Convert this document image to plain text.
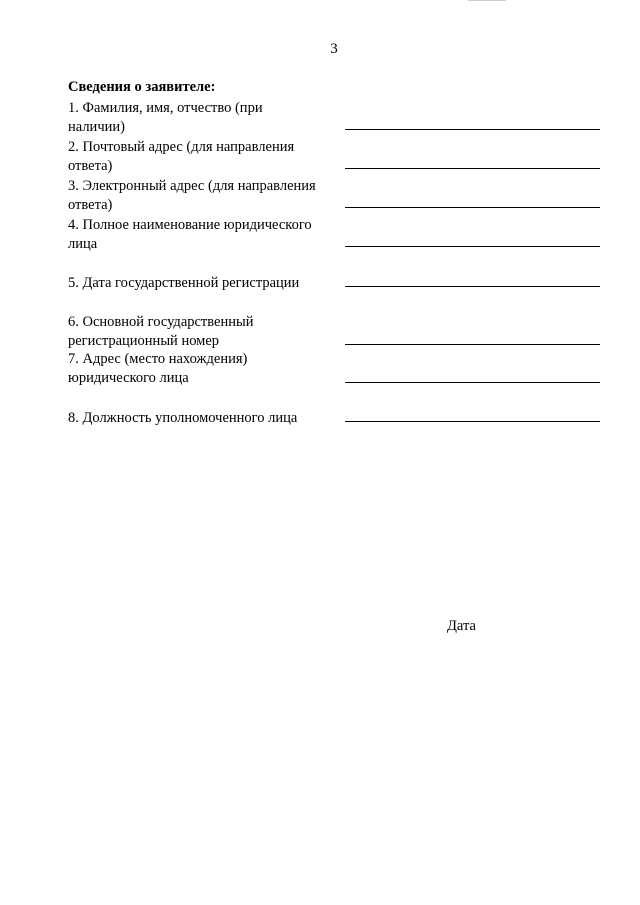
3
Сведения о заявителе:
1. Фамилия, имя, отчество (при
наличии)
2. Почтовый адрес (для направления
ответа)
3. Электронный адрес (для направления
ответа)
4. Полное наименование юридического
лица
5. Дата государственной регистрации
6. Основной государственный
регистрационный номер
7. Адрес (место нахождения)
юридического лица
8. Должность уполномоченного лица
Дата
